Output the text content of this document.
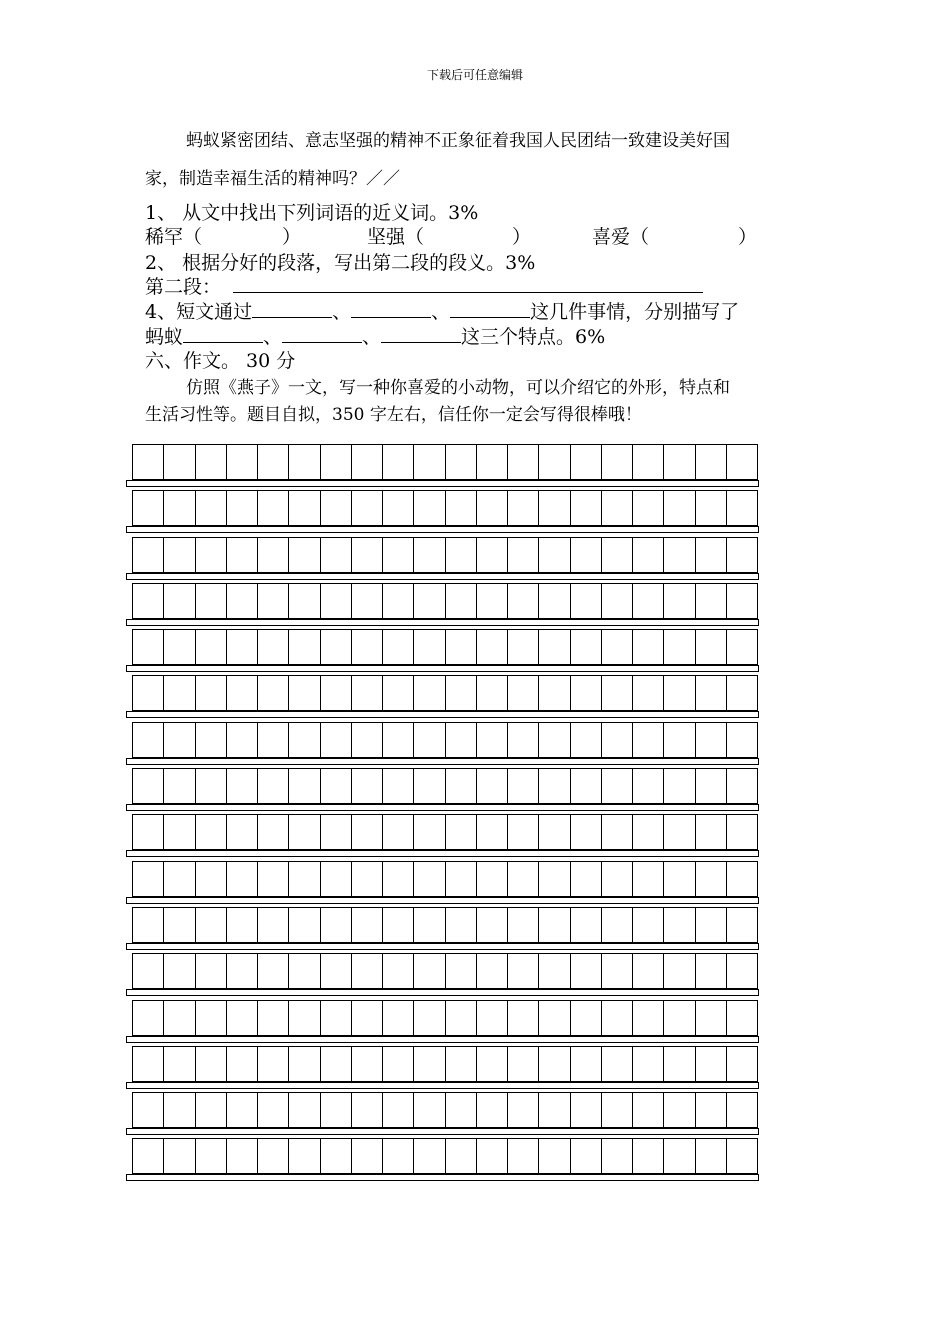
下载后可任意编辑
蚂蚁紧密团结、意志坚强的精神不正象征着我国人民团结一致建设美好国
家，制造幸福生活的精神吗？／／
1、 从文中找出下列词语的近义词。3%
稀罕（	）	坚强（	）	喜爱（	）
2、 根据分好的段落，写出第二段的段义。3%
第二段：
4、短文通过	、	、	这几件事情，分别描写了
蚂蚁	、	、	这三个特点。6%
六、作文。 30 分
仿照《燕子》一文，写一种你喜爱的小动物，可以介绍它的外形，特点和
生活习性等。题目自拟，350 字左右，信任你一定会写得很棒哦！
